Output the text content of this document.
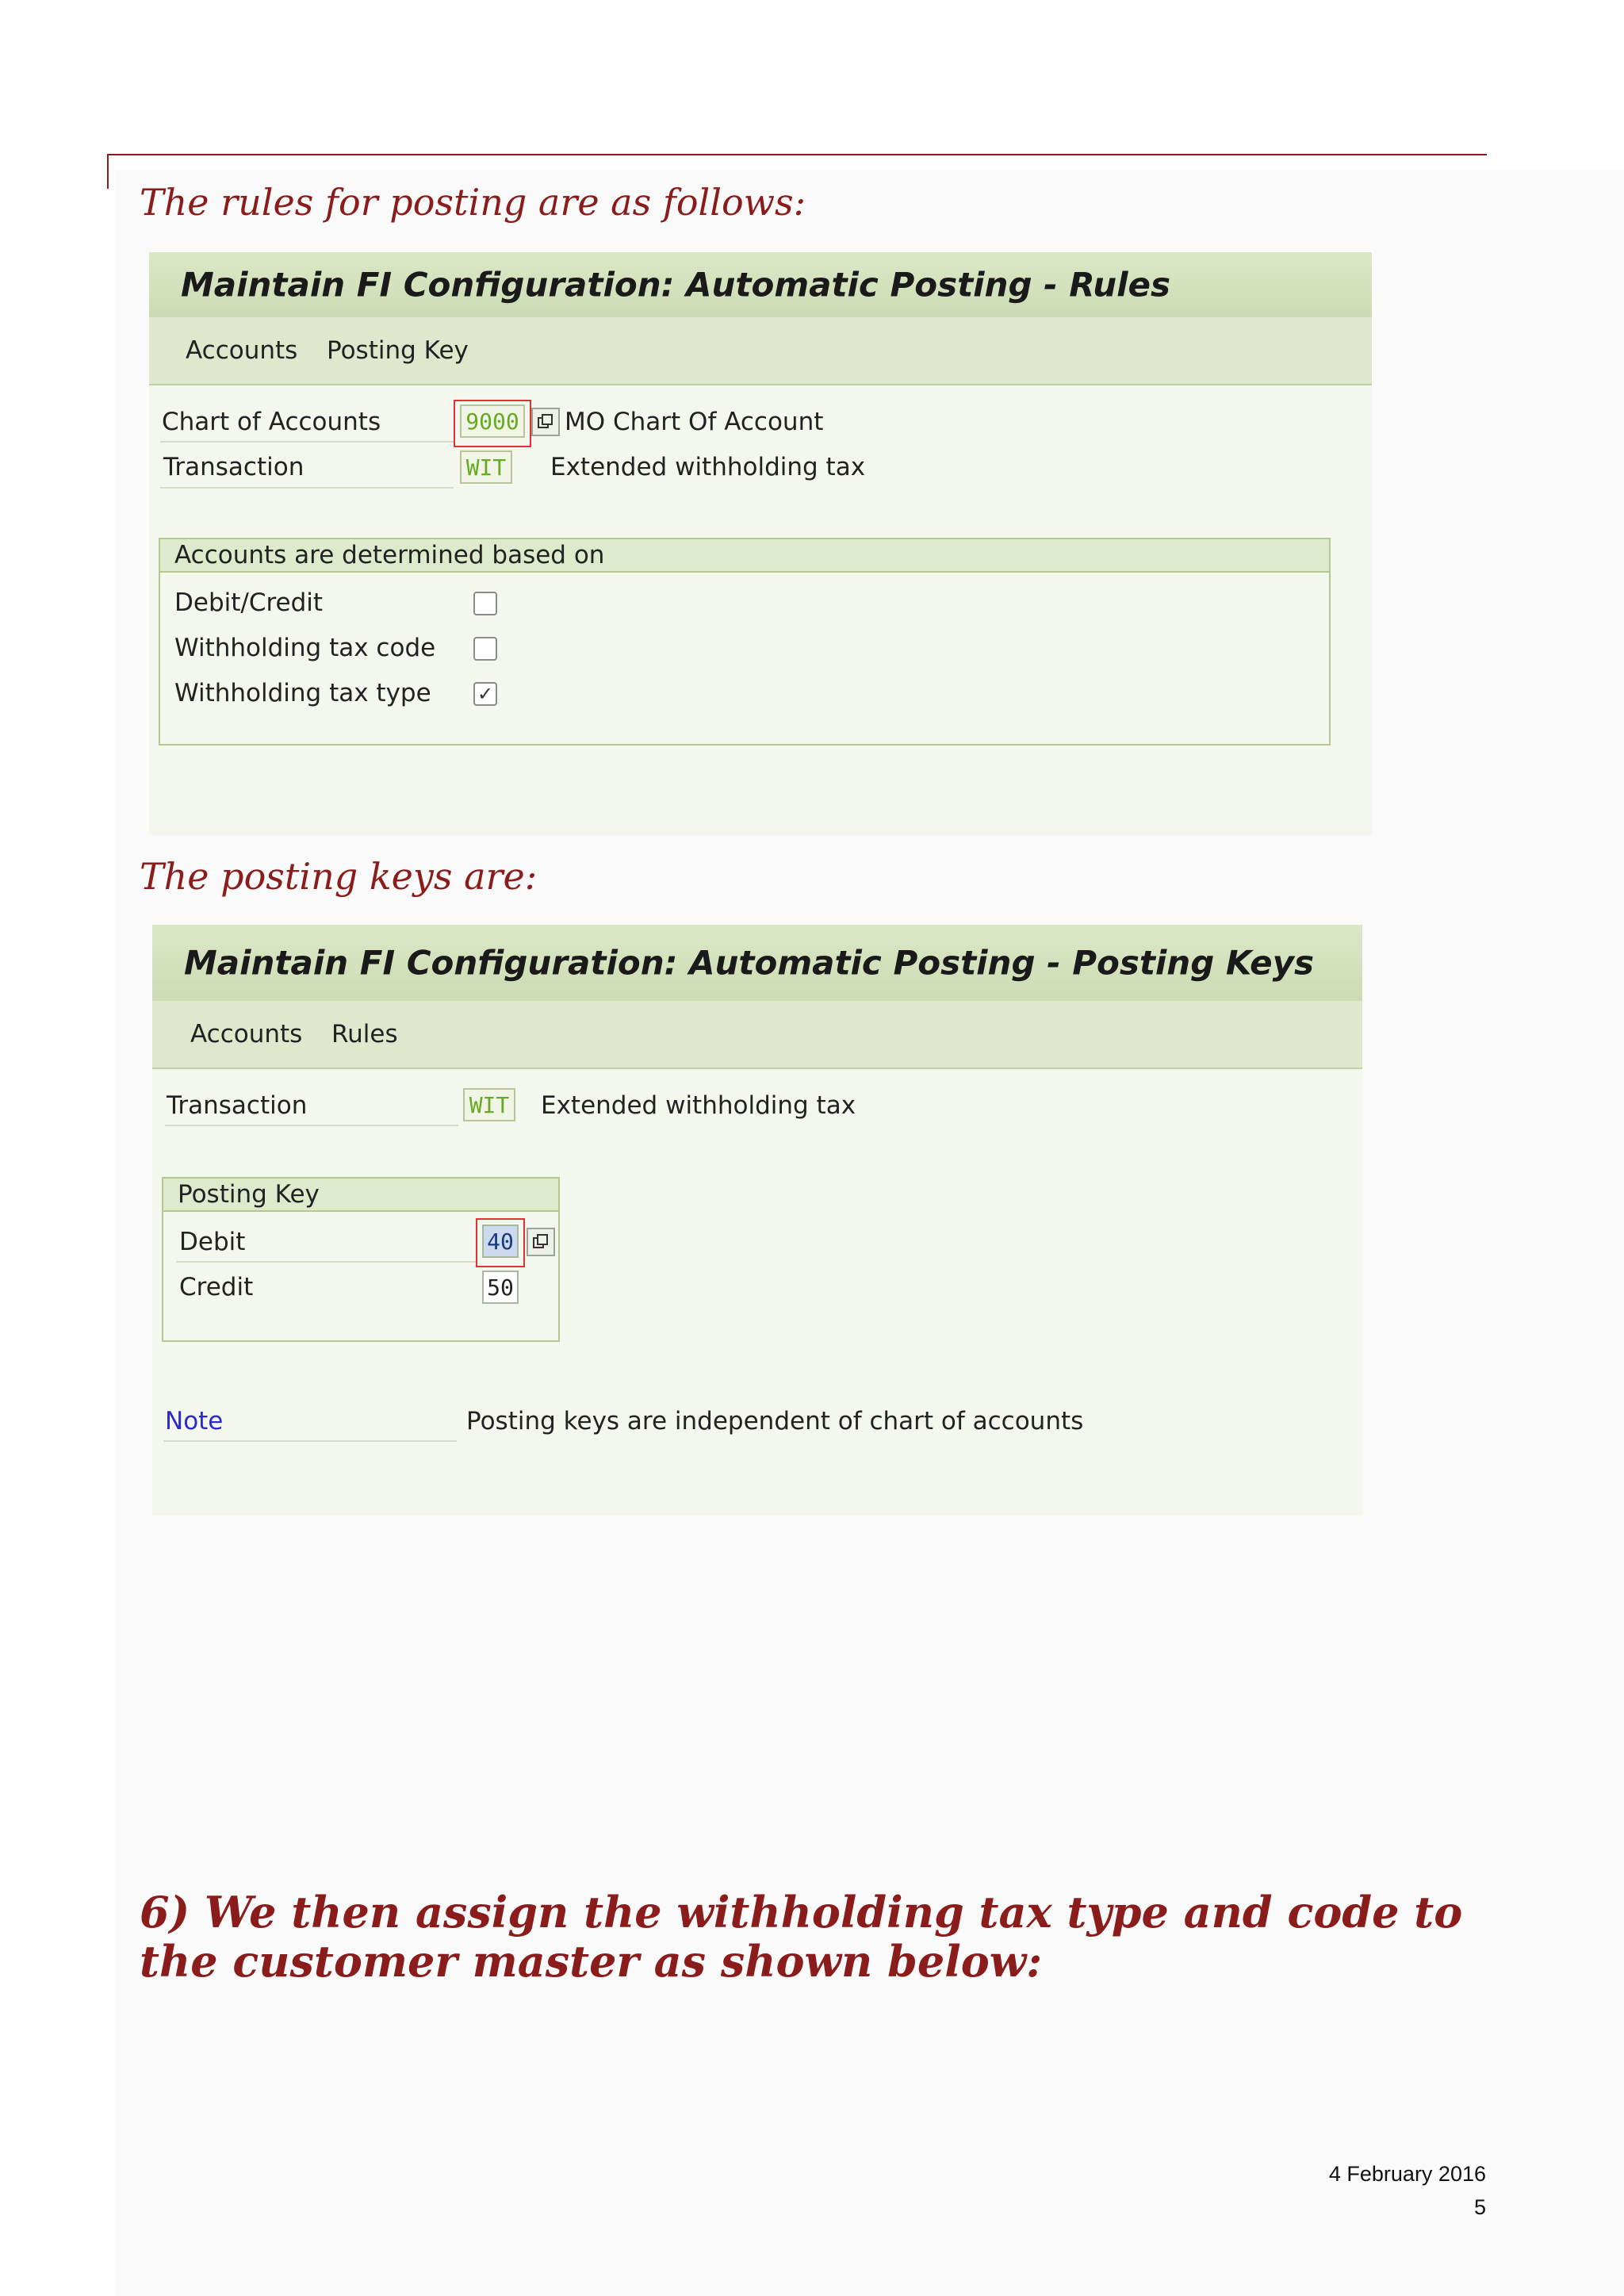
The rules for posting are as follows:
Maintain FI Configuration: Automatic Posting - Rules
Accounts Posting Key
Chart of Accounts	9000 MO Chart Of Account
Transaction	WIT Extended withholding tax
Accounts are determined based on
Debit/Credit
Withholding tax code
Withholding tax type ✓
The posting keys are:
Maintain FI Configuration: Automatic Posting - Posting Keys
Accounts Rules
Transaction	WIT Extended withholding tax
Posting Key
Debit	40
Credit	50
Note	Posting keys are independent of chart of accounts
6) We then assign the withholding tax type and code to the customer master as shown below:
4 February 2016
5
